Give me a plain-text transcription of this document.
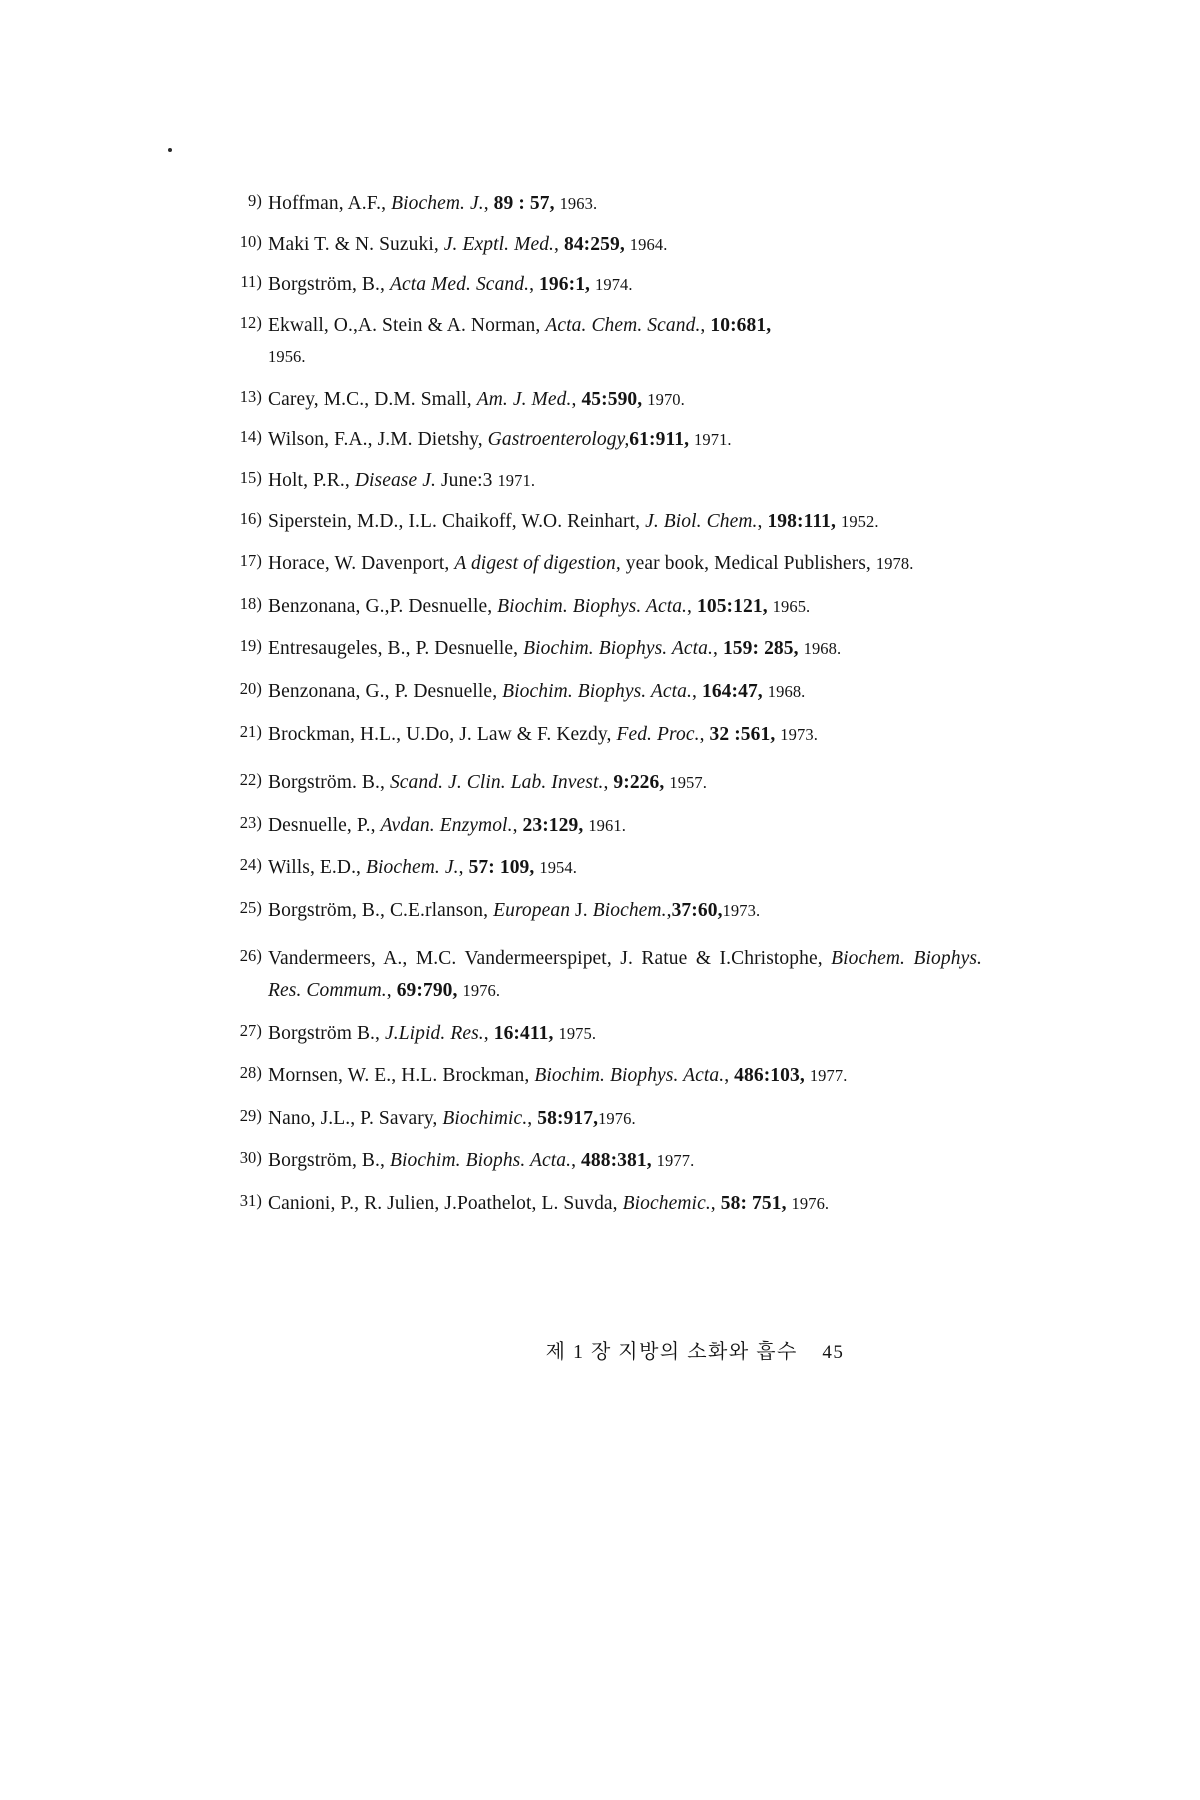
9) Hoffman, A.F., Biochem. J., 89 : 57, 1963.
10) Maki T. & N. Suzuki, J. Exptl. Med., 84:259, 1964.
11) Borgström, B., Acta Med. Scand., 196:1, 1974.
12) Ekwall, O.,A. Stein & A. Norman, Acta. Chem. Scand., 10:681,
1956.
13) Carey, M.C., D.M. Small, Am. J. Med., 45:590, 1970.
14) Wilson, F.A., J.M. Dietshy, Gastroenterology,61:911, 1971.
15) Holt, P.R., Disease J. June:3 1971.
16) Siperstein, M.D., I.L. Chaikoff, W.O. Reinhart, J. Biol. Chem., 198:111, 1952.
17) Horace, W. Davenport, A digest of digestion, year book, Medical Publishers, 1978.
18) Benzonana, G.,P. Desnuelle, Biochim. Biophys. Acta., 105:121, 1965.
19) Entresaugeles, B., P. Desnuelle, Biochim. Biophys. Acta., 159: 285, 1968.
20) Benzonana, G., P. Desnuelle, Biochim. Biophys. Acta., 164:47, 1968.
21) Brockman, H.L., U.Do, J. Law & F. Kezdy, Fed. Proc., 32 :561, 1973.
22) Borgström. B., Scand. J. Clin. Lab. Invest., 9:226, 1957.
23) Desnuelle, P., Avdan. Enzymol., 23:129, 1961.
24) Wills, E.D., Biochem. J., 57: 109, 1954.
25) Borgström, B., C.E.rlanson, European J. Biochem.,37:60,1973.
26) Vandermeers, A., M.C. Vandermeerspipet, J. Ratue & I.Christophe, Biochem. Biophys. Res. Commum., 69:790, 1976.
27) Borgström B., J.Lipid. Res., 16:411, 1975.
28) Mornsen, W. E., H.L. Brockman, Biochim. Biophys. Acta., 486:103, 1977.
29) Nano, J.L., P. Savary, Biochimic., 58:917,1976.
30) Borgström, B., Biochim. Biophs. Acta., 488:381, 1977.
31) Canioni, P., R. Julien, J.Poathelot, L. Suvda, Biochemic., 58: 751, 1976.
제 1 장 지방의 소화와 흡수 45
